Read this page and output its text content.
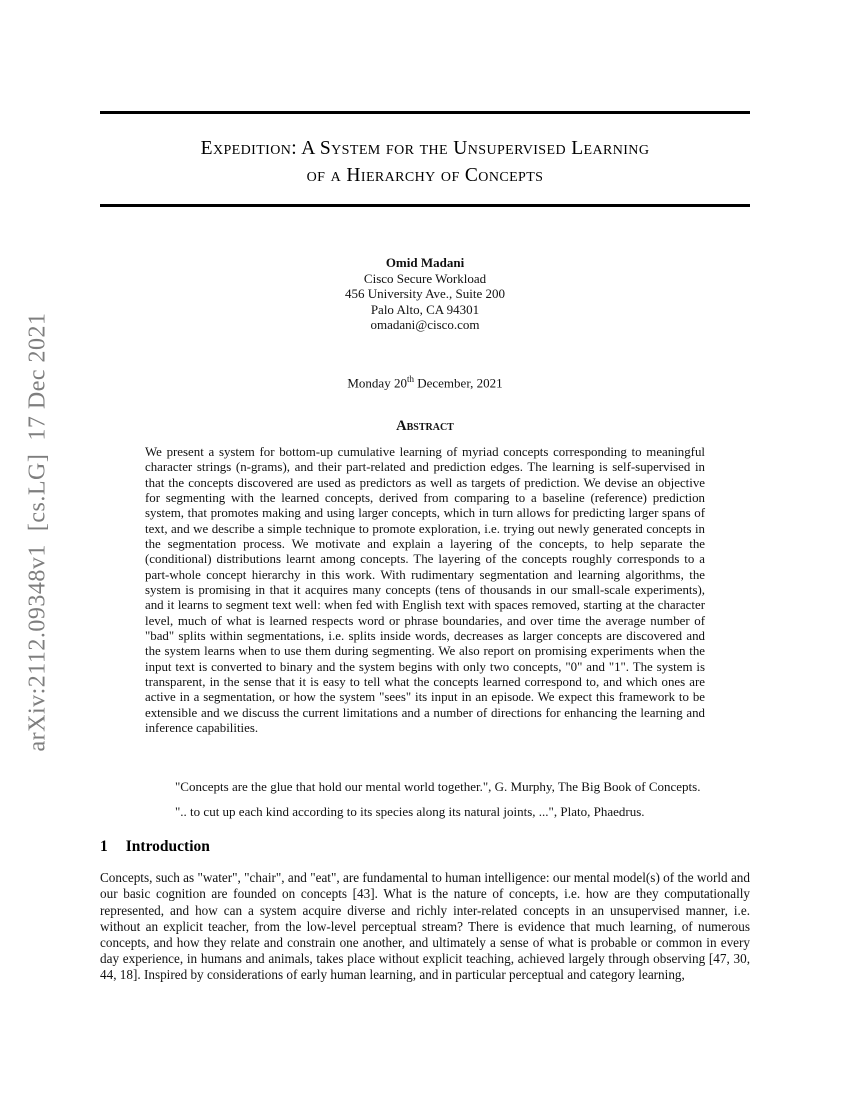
arXiv:2112.09348v1  [cs.LG]  17 Dec 2021
Expedition: A System for the Unsupervised Learning
of a Hierarchy of Concepts
Omid Madani
Cisco Secure Workload
456 University Ave., Suite 200
Palo Alto, CA 94301
omadani@cisco.com
Monday 20th December, 2021
Abstract

We present a system for bottom-up cumulative learning of myriad concepts corresponding to meaningful character strings (n-grams), and their part-related and prediction edges. The learning is self-supervised in that the concepts discovered are used as predictors as well as targets of prediction. We devise an objective for segmenting with the learned concepts, derived from comparing to a baseline (reference) prediction system, that promotes making and using larger concepts, which in turn allows for predicting larger spans of text, and we describe a simple technique to promote exploration, i.e. trying out newly generated concepts in the segmentation process. We motivate and explain a layering of the concepts, to help separate the (conditional) distributions learnt among concepts. The layering of the concepts roughly corresponds to a part-whole concept hierarchy in this work. With rudimentary segmentation and learning algorithms, the system is promising in that it acquires many concepts (tens of thousands in our small-scale experiments), and it learns to segment text well: when fed with English text with spaces removed, starting at the character level, much of what is learned respects word or phrase boundaries, and over time the average number of "bad" splits within segmentations, i.e. splits inside words, decreases as larger concepts are discovered and the system learns when to use them during segmenting. We also report on promising experiments when the input text is converted to binary and the system begins with only two concepts, "0" and "1". The system is transparent, in the sense that it is easy to tell what the concepts learned correspond to, and which ones are active in a segmentation, or how the system "sees" its input in an episode. We expect this framework to be extensible and we discuss the current limitations and a number of directions for enhancing the learning and inference capabilities.

"Concepts are the glue that hold our mental world together.", G. Murphy, The Big Book of Concepts.

".. to cut up each kind according to its species along its natural joints, ...", Plato, Phaedrus.

1 Introduction

Concepts, such as "water", "chair", and "eat", are fundamental to human intelligence: our mental model(s) of the world and our basic cognition are founded on concepts [43]. What is the nature of concepts, i.e. how are they computationally represented, and how can a system acquire diverse and richly inter-related concepts in an unsupervised manner, i.e. without an explicit teacher, from the low-level perceptual stream? There is evidence that much learning, of numerous concepts, and how they relate and constrain one another, and ultimately a sense of what is probable or common in every day experience, in humans and animals, takes place without explicit teaching, achieved largely through observing [47, 30, 44, 18]. Inspired by considerations of early human learning, and in particular perceptual and category learning,
